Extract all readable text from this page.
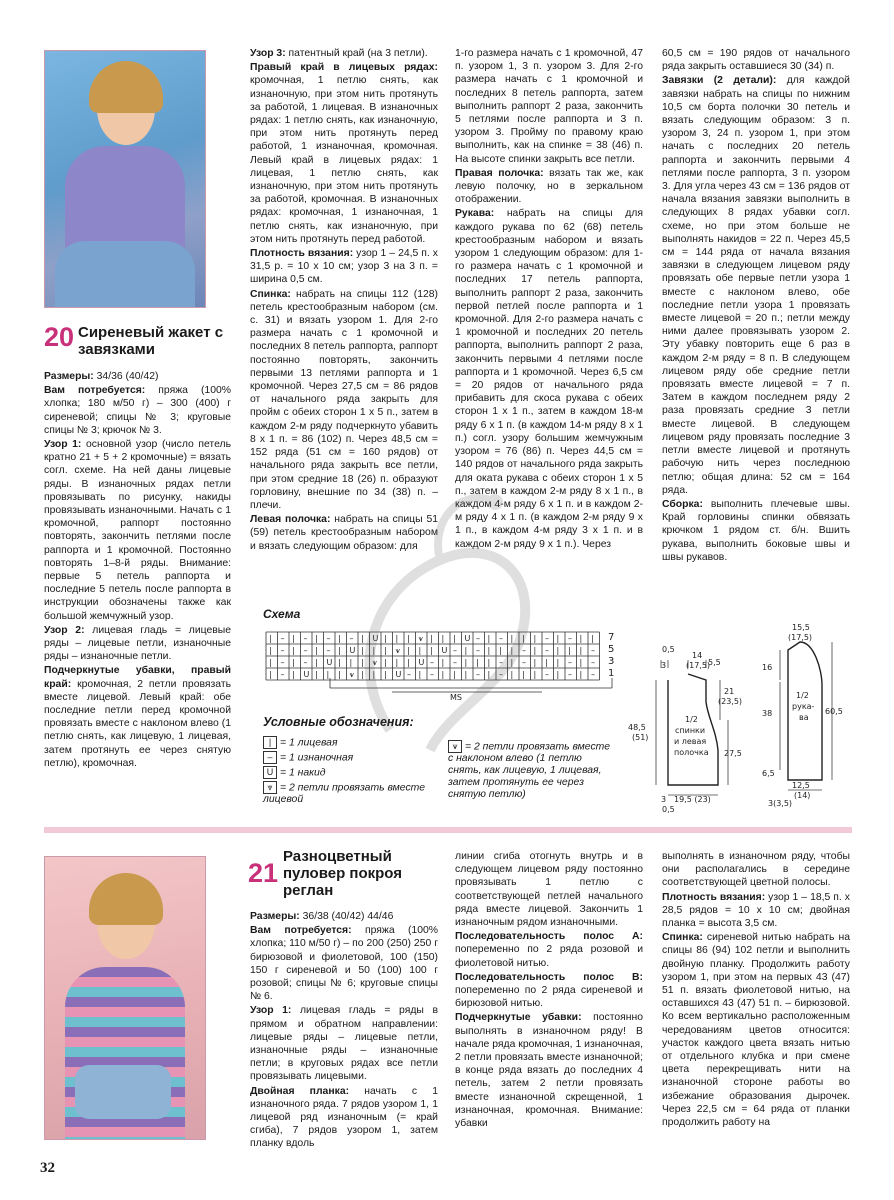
20 Сиреневый жакет с завязками

Размеры: 34/36 (40/42)

Вам потребуется: пряжа (100% хлопка; 180 м/50 г) – 300 (400) г сиреневой; спицы № 3; круговые спицы № 3; крючок № 3.

Узор 1: основной узор (число петель кратно 21 + 5 + 2 кромочные) = вязать согл. схеме. На ней даны лицевые ряды. В изнаночных рядах петли провязывать по рисунку, накиды провязывать изнаночными. Начать с 1 кромочной, раппорт постоянно повторять, закончить петлями после раппорта и 1 кромочной. Постоянно повторять 1–8-й ряды. Внимание: первые 5 петель раппорта и последние 5 петель после раппорта в инструкции обозначены также как большой жемчужный узор.

Узор 2: лицевая гладь = лицевые ряды – лицевые петли, изнаночные ряды – изнаночные петли.

Подчеркнутые убавки, правый край: кромочная, 2 петли провязать вместе лицевой. Левый край: обе последние петли перед кромочной провязать вместе с наклоном влево (1 петлю снять, как лицевую, 1 лицевая, затем протянуть ее через снятую петлю), кромочная.

Узор 3: патентный край (на 3 петли).

Правый край в лицевых рядах: кромочная, 1 петлю снять, как изнаночную, при этом нить протянуть за работой, 1 лицевая. В изнаночных рядах: 1 петлю снять, как изнаночную, при этом нить протянуть перед работой, 1 изнаночная, кромочная. Левый край в лицевых рядах: 1 лицевая, 1 петлю снять, как изнаночную, при этом нить протянуть за работой, кромочная. В изнаночных рядах: кромочная, 1 изнаночная, 1 петлю снять, как изнаночную, при этом нить протянуть перед работой.

Плотность вязания: узор 1 – 24,5 п. х 31,5 р. = 10 х 10 см; узор 3 на 3 п. = ширина 0,5 см.

Спинка: набрать на спицы 112 (128) петель крестообразным набором (см. с. 31) и вязать узором 1. Для 2-го размера начать с 1 кромочной и последних 8 петель раппорта, раппорт постоянно повторять, закончить первыми 13 петлями раппорта и 1 кромочной. Через 27,5 см = 86 рядов от начального ряда закрыть для пройм с обеих сторон 1 х 5 п., затем в каждом 2-м ряду подчеркнуто убавить 8 х 1 п. = 86 (102) п. Через 48,5 см = 152 ряда (51 см = 160 рядов) от начального ряда закрыть все петли, при этом средние 18 (26) п. образуют горловину, внешние по 34 (38) п. – плечи.

Левая полочка: набрать на спицы 51 (59) петель крестообразным набором и вязать следующим образом: для

1-го размера начать с 1 кромочной, 47 п. узором 1, 3 п. узором 3. Для 2-го размера начать с 1 кромочной и последних 8 петель раппорта, затем выполнить раппорт 2 раза, закончить 5 петлями после раппорта и 3 п. узором 3. Пройму по правому краю выполнить, как на спинке = 38 (46) п. На высоте спинки закрыть все петли.

Правая полочка: вязать так же, как левую полочку, но в зеркальном отображении.

Рукава: набрать на спицы для каждого рукава по 62 (68) петель крестообразным набором и вязать узором 1 следующим образом: для 1-го размера начать с 1 кромочной и последних 17 петель раппорта, выполнить раппорт 2 раза, закончить первой петлей после раппорта и 1 кромочной. Для 2-го размера начать с 1 кромочной и последних 20 петель раппорта, выполнить раппорт 2 раза, закончить первыми 4 петлями после раппорта и 1 кромочной. Через 6,5 см = 20 рядов от начального ряда прибавить для скоса рукава с обеих сторон 1 х 1 п., затем в каждом 18-м ряду 6 х 1 п. (в каждом 14-м ряду 8 х 1 п.) согл. узору большим жемчужным узором = 76 (86) п. Через 44,5 см = 140 рядов от начального ряда закрыть для оката рукава с обеих сторон 1 х 5 п., затем в каждом 2-м ряду 8 х 1 п., в каждом 4-м ряду 6 х 1 п. и в каждом 2-м ряду 4 х 1 п. (в каждом 2-м ряду 9 х 1 п., в каждом 4-м ряду 3 х 1 п. и в каждом 2-м ряду 9 х 1 п.). Через

60,5 см = 190 рядов от начального ряда закрыть оставшиеся 30 (34) п.

Завязки (2 детали): для каждой завязки набрать на спицы по нижним 10,5 см борта полочки 30 петель и вязать следующим образом: 3 п. узором 3, 24 п. узором 1, при этом начать с последних 20 петель раппорта и закончить первыми 4 петлями после раппорта, 3 п. узором 3. Для угла через 43 см = 136 рядов от начала вязания завязки выполнить в следующих 8 рядах убавки согл. схеме, но при этом больше не выполнять накидов = 22 п. Через 45,5 см = 144 ряда от начала вязания завязки в следующем лицевом ряду провязать обе первые петли узора 1 вместе с наклоном влево, обе последние петли узора 1 провязать вместе лицевой = 20 п.; петли между ними далее провязывать узором 2. Эту убавку повторить еще 6 раз в каждом 2-м ряду = 8 п. В следующем лицевом ряду обе средние петли провязать вместе лицевой = 7 п. Затем в каждом последнем ряду 2 раза провязать средние 3 петли вместе лицевой. В следующем лицевом ряду провязать последние 3 петли вместе лицевой и протянуть рабочую нить через последнюю петлю; общая длина: 52 см = 164 ряда.

Сборка: выполнить плечевые швы. Край горловины спинки обвязать крючком 1 рядом ст. б/н. Вшить рукава, выполнить боковые швы и швы рукавов.

Схема
| – | – | – | – | U | | | ⩛ | | | U – | – | | | – | – | |
| – | – | – | U | | | ⩛ | | | U – | – | | | – | – | | | –
| – | – | U | | | ⩛ | | | U – | – | | | – | – | | | – | –
| – | U | | | ⩛ | | | U – | – | | | – | – | | | – | – | –
MS
7
5
3
1
Условные обозначения:
| = 1 лицевая
– = 1 изнаночная
U = 1 накид
⩔ = 2 петли провязать вместе лицевой
⩛ = 2 петли провязать вместе с наклоном влево (1 петлю снять, как лицевую, 1 лицевая, затем протянуть ее через снятую петлю)
0,5
14
(17,5)
5,5
3
21
(23,5)
48,5
(51)
27,5
1/2
спинки
и левая
полочка
3 19,5 (23)
0,5
15,5
(17,5)
16
38	60,5
1/2
рука-
ва
6,5
12,5
(14)
3(3,5)
21
Разноцветный пуловер покроя реглан

Размеры: 36/38 (40/42) 44/46

Вам потребуется: пряжа (100% хлопка; 110 м/50 г) – по 200 (250) 250 г бирюзовой и фиолетовой, 100 (150) 150 г сиреневой и 50 (100) 100 г розовой; спицы № 6; круговые спицы № 6.

Узор 1: лицевая гладь = ряды в прямом и обратном направлении: лицевые ряды – лицевые петли, изнаночные ряды – изнаночные петли; в круговых рядах все петли провязывать лицевыми.

Двойная планка: начать с 1 изнаночного ряда. 7 рядов узором 1, 1 лицевой ряд изнаночным (= край сгиба), 7 рядов узором 1, затем планку вдоль

линии сгиба отогнуть внутрь и в следующем лицевом ряду постоянно провязывать 1 петлю с соответствующей петлей начального ряда вместе лицевой. Закончить 1 изнаночным рядом изнаночными.

Последовательность полос А: попеременно по 2 ряда розовой и фиолетовой нитью.

Последовательность полос В: попеременно по 2 ряда сиреневой и бирюзовой нитью.

Подчеркнутые убавки: постоянно выполнять в изнаночном ряду! В начале ряда кромочная, 1 изнаночная, 2 петли провязать вместе изнаночной; в конце ряда вязать до последних 4 петель, затем 2 петли провязать вместе изнаночной скрещенной, 1 изнаночная, кромочная. Внимание: убавки

выполнять в изнаночном ряду, чтобы они располагались в середине соответствующей цветной полосы.

Плотность вязания: узор 1 – 18,5 п. х 28,5 рядов = 10 х 10 см; двойная планка = высота 3,5 см.

Спинка: сиреневой нитью набрать на спицы 86 (94) 102 петли и выполнить двойную планку. Продолжить работу узором 1, при этом на первых 43 (47) 51 п. вязать фиолетовой нитью, на оставшихся 43 (47) 51 п. – бирюзовой. Ко всем вертикально расположенным чередованиям цветов относится: участок каждого цвета вязать нитью от отдельного клубка и при смене цвета перекрещивать нити на изнаночной стороне работы во избежание образования дырочек. Через 22,5 см = 64 ряда от планки продолжить работу на

32
